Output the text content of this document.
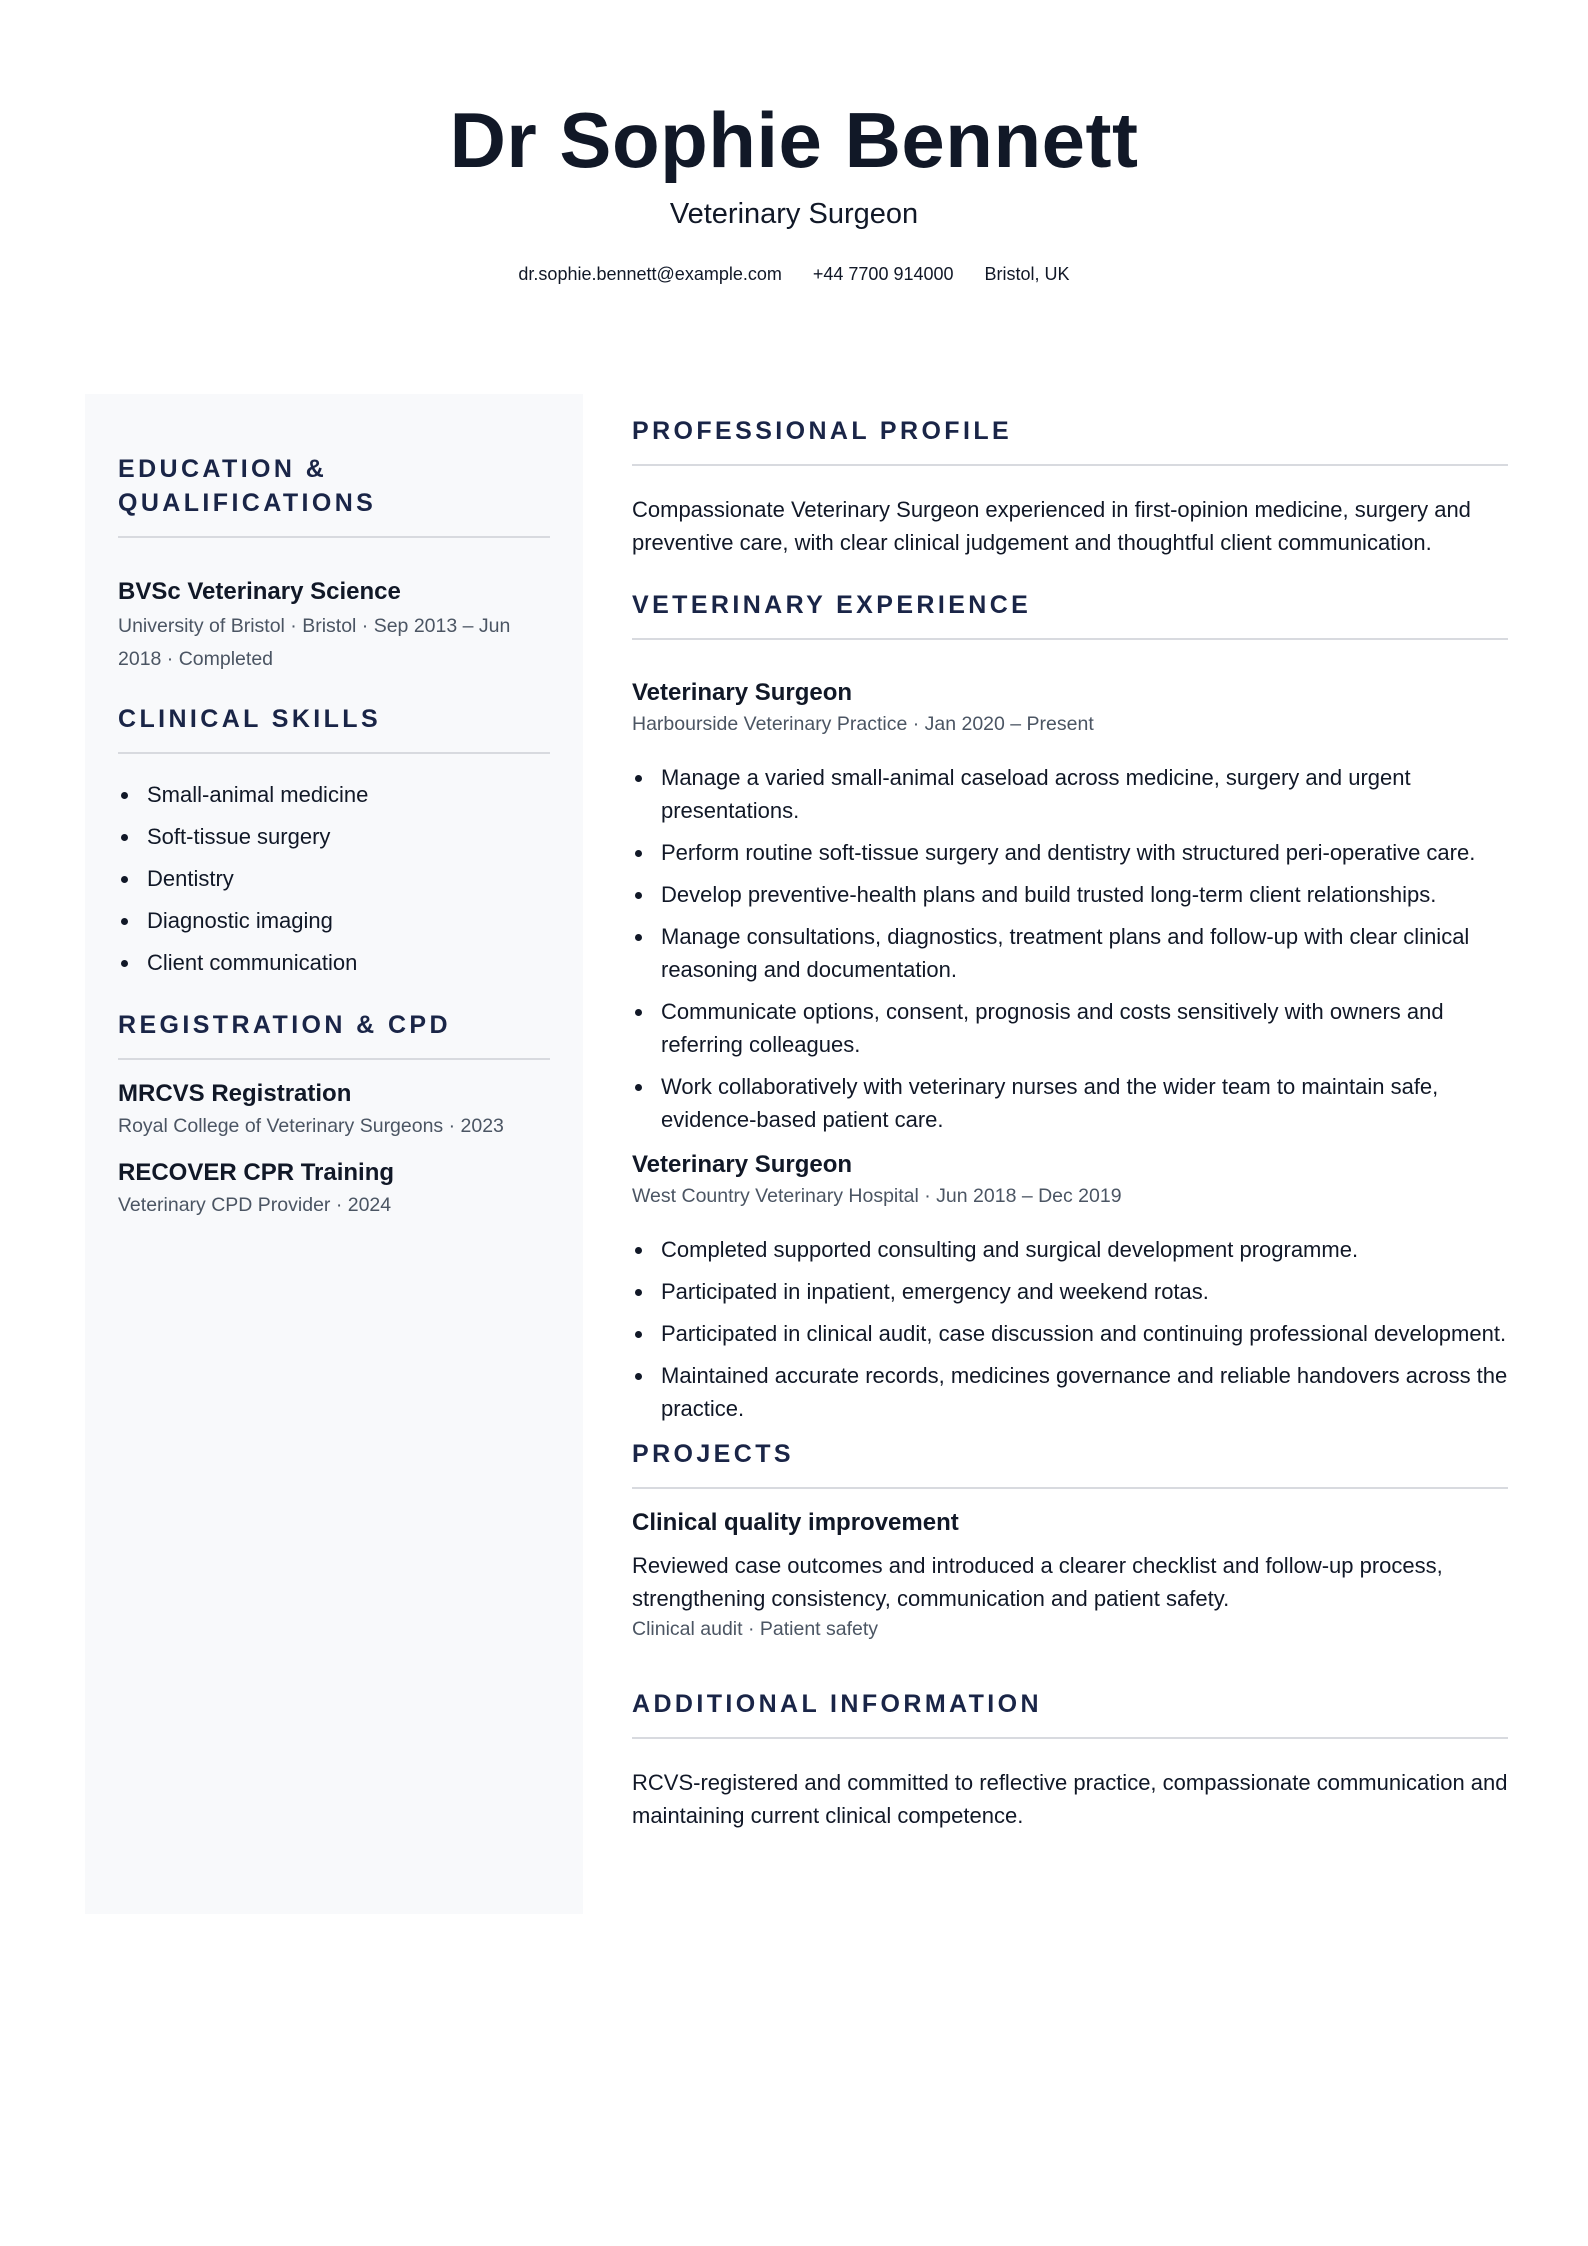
Dr Sophie Bennett
Veterinary Surgeon
dr.sophie.bennett@example.com +44 7700 914000 Bristol, UK
EDUCATION &
QUALIFICATIONS
BVSc Veterinary Science
University of Bristol · Bristol · Sep 2013 – Jun 2018 · Completed
CLINICAL SKILLS
Small-animal medicine
Soft-tissue surgery
Dentistry
Diagnostic imaging
Client communication
REGISTRATION & CPD
MRCVS Registration
Royal College of Veterinary Surgeons · 2023
RECOVER CPR Training
Veterinary CPD Provider · 2024
PROFESSIONAL PROFILE
Compassionate Veterinary Surgeon experienced in first-opinion medicine, surgery and preventive care, with clear clinical judgement and thoughtful client communication.
VETERINARY EXPERIENCE
Veterinary Surgeon
Harbourside Veterinary Practice · Jan 2020 – Present
Manage a varied small-animal caseload across medicine, surgery and urgent presentations.
Perform routine soft-tissue surgery and dentistry with structured peri-operative care.
Develop preventive-health plans and build trusted long-term client relationships.
Manage consultations, diagnostics, treatment plans and follow-up with clear clinical reasoning and documentation.
Communicate options, consent, prognosis and costs sensitively with owners and referring colleagues.
Work collaboratively with veterinary nurses and the wider team to maintain safe, evidence-based patient care.
Veterinary Surgeon
West Country Veterinary Hospital · Jun 2018 – Dec 2019
Completed supported consulting and surgical development programme.
Participated in inpatient, emergency and weekend rotas.
Participated in clinical audit, case discussion and continuing professional development.
Maintained accurate records, medicines governance and reliable handovers across the practice.
PROJECTS
Clinical quality improvement
Reviewed case outcomes and introduced a clearer checklist and follow-up process, strengthening consistency, communication and patient safety.
Clinical audit · Patient safety
ADDITIONAL INFORMATION
RCVS-registered and committed to reflective practice, compassionate communication and maintaining current clinical competence.
